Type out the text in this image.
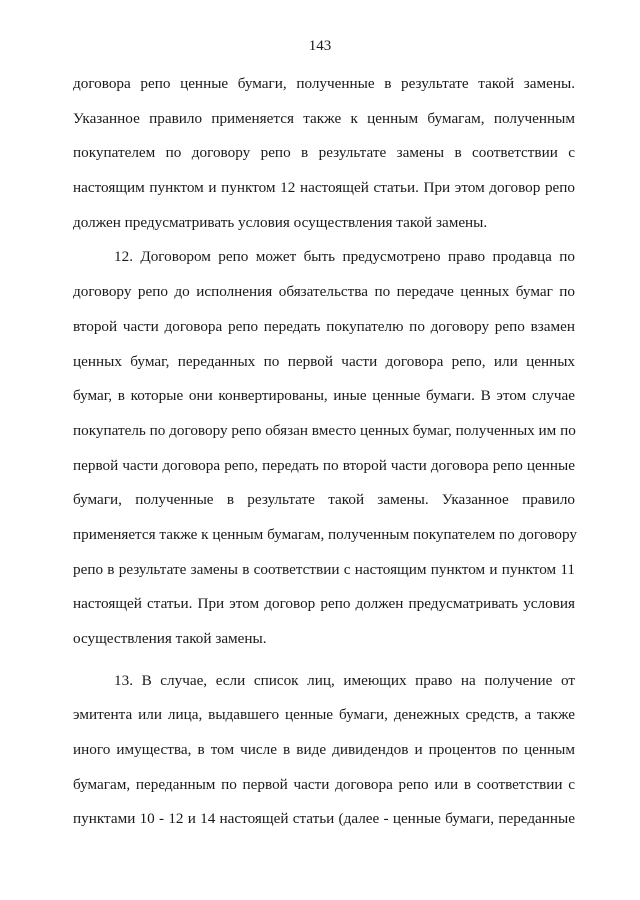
143
договора репо ценные бумаги, полученные в результате такой замены.
Указанное правило применяется также к ценным бумагам, полученным
покупателем по договору репо в результате замены в соответствии с
настоящим пунктом и пунктом 12 настоящей статьи. При этом договор репо
должен предусматривать условия осуществления такой замены.
12. Договором репо может быть предусмотрено право продавца по
договору репо до исполнения обязательства по передаче ценных бумаг по
второй части договора репо передать покупателю по договору репо взамен
ценных бумаг, переданных по первой части договора репо, или ценных
бумаг, в которые они конвертированы, иные ценные бумаги. В этом случае
покупатель по договору репо обязан вместо ценных бумаг, полученных им по
первой части договора репо, передать по второй части договора репо ценные
бумаги, полученные в результате такой замены. Указанное правило
применяется также к ценным бумагам, полученным покупателем по договору
репо в результате замены в соответствии с настоящим пунктом и пунктом 11
настоящей статьи. При этом договор репо должен предусматривать условия
осуществления такой замены.
13. В случае, если список лиц, имеющих право на получение от
эмитента или лица, выдавшего ценные бумаги, денежных средств, а также
иного имущества, в том числе в виде дивидендов и процентов по ценным
бумагам, переданным по первой части договора репо или в соответствии с
пунктами 10 - 12 и 14 настоящей статьи (далее - ценные бумаги, переданные
